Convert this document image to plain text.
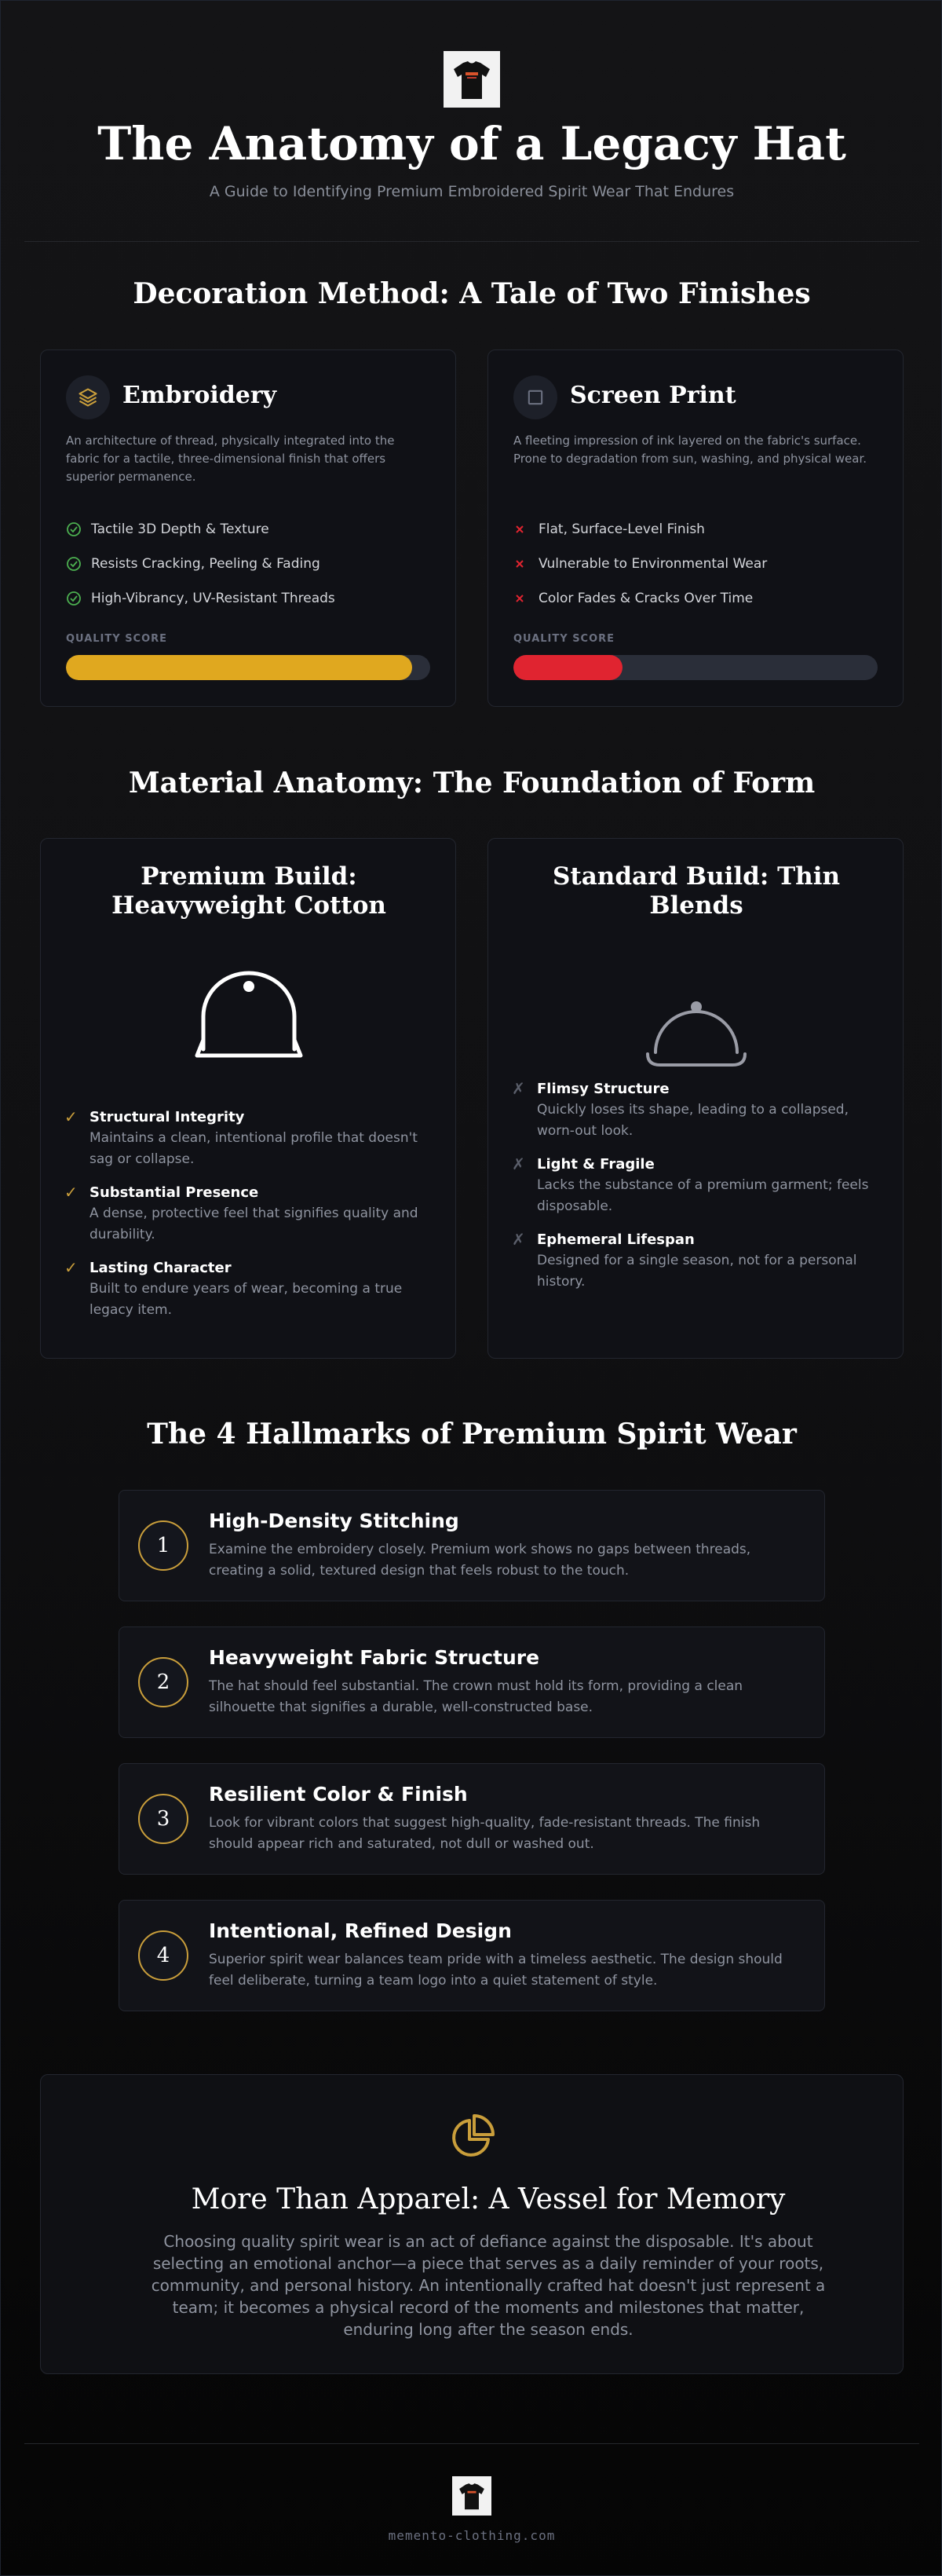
The Anatomy of a Legacy Hat
A Guide to Identifying Premium Embroidered Spirit Wear That Endures
Decoration Method: A Tale of Two Finishes
Embroidery
An architecture of thread, physically integrated into the fabric for a tactile, three-dimensional finish that offers superior permanence.
Tactile 3D Depth & Texture
Resists Cracking, Peeling & Fading
High-Vibrancy, UV-Resistant Threads
QUALITY SCORE
Screen Print
A fleeting impression of ink layered on the fabric's surface. Prone to degradation from sun, washing, and physical wear.
Flat, Surface-Level Finish
Vulnerable to Environmental Wear
Color Fades & Cracks Over Time
QUALITY SCORE
Material Anatomy: The Foundation of Form
Premium Build: Heavyweight Cotton
✓ Structural Integrity
Maintains a clean, intentional profile that doesn't sag or collapse.
✓ Substantial Presence
A dense, protective feel that signifies quality and durability.
✓ Lasting Character
Built to endure years of wear, becoming a true legacy item.
Standard Build: Thin Blends
✗ Flimsy Structure
Quickly loses its shape, leading to a collapsed, worn-out look.
✗ Light & Fragile
Lacks the substance of a premium garment; feels disposable.
✗ Ephemeral Lifespan
Designed for a single season, not for a personal history.
The 4 Hallmarks of Premium Spirit Wear
1
High-Density Stitching
Examine the embroidery closely. Premium work shows no gaps between threads, creating a solid, textured design that feels robust to the touch.
2
Heavyweight Fabric Structure
The hat should feel substantial. The crown must hold its form, providing a clean silhouette that signifies a durable, well-constructed base.
3
Resilient Color & Finish
Look for vibrant colors that suggest high-quality, fade-resistant threads. The finish should appear rich and saturated, not dull or washed out.
4
Intentional, Refined Design
Superior spirit wear balances team pride with a timeless aesthetic. The design should feel deliberate, turning a team logo into a quiet statement of style.
More Than Apparel: A Vessel for Memory
Choosing quality spirit wear is an act of defiance against the disposable. It's about selecting an emotional anchor—a piece that serves as a daily reminder of your roots, community, and personal history. An intentionally crafted hat doesn't just represent a team; it becomes a physical record of the moments and milestones that matter, enduring long after the season ends.
memento-clothing.com
